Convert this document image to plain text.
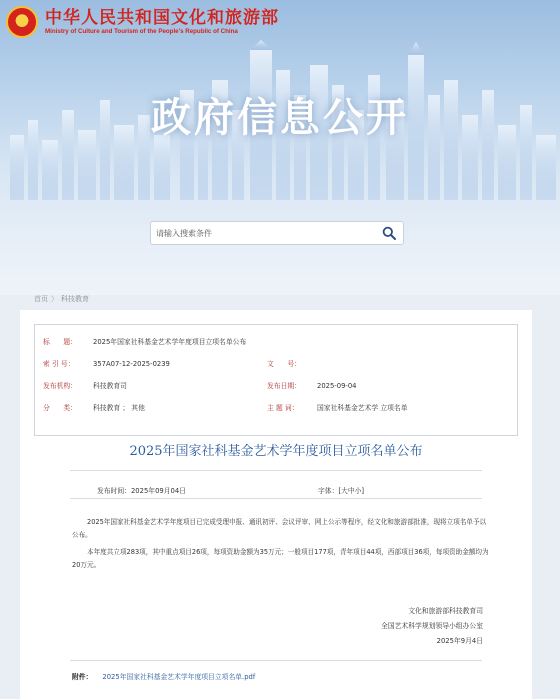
中华人民共和国文化和旅游部
Ministry of Culture and Tourism of the People's Republic of China
政府信息公开
请输入搜索条件
首页 〉 科技教育
标　　题： 2025年国家社科基金艺术学年度项目立项名单公布
索 引 号：	357A07-12-2025-0239	文　　号：
发布机构： 科技教育司	发布日期： 2025-09-04
分　　类： 科技教育 ； 其他	主 题 词：	国家社科基金艺术学 立项名单
2025年国家社科基金艺术学年度项目立项名单公布
发布时间：2025年09月04日	字体：[大中小]
2025年国家社科基金艺术学年度项目已完成受理申报、通讯初评、会议评审、网上公示等程序，经文化和旅游部批准，现将立项名单予以公布。
本年度共立项283项，其中重点项目26项，每项资助金额为35万元；一般项目177项，青年项目44项，西部项目36项，每项资助金额均为20万元。
文化和旅游部科技教育司
全国艺术科学规划领导小组办公室
2025年9月4日
附件： 2025年国家社科基金艺术学年度项目立项名单.pdf
